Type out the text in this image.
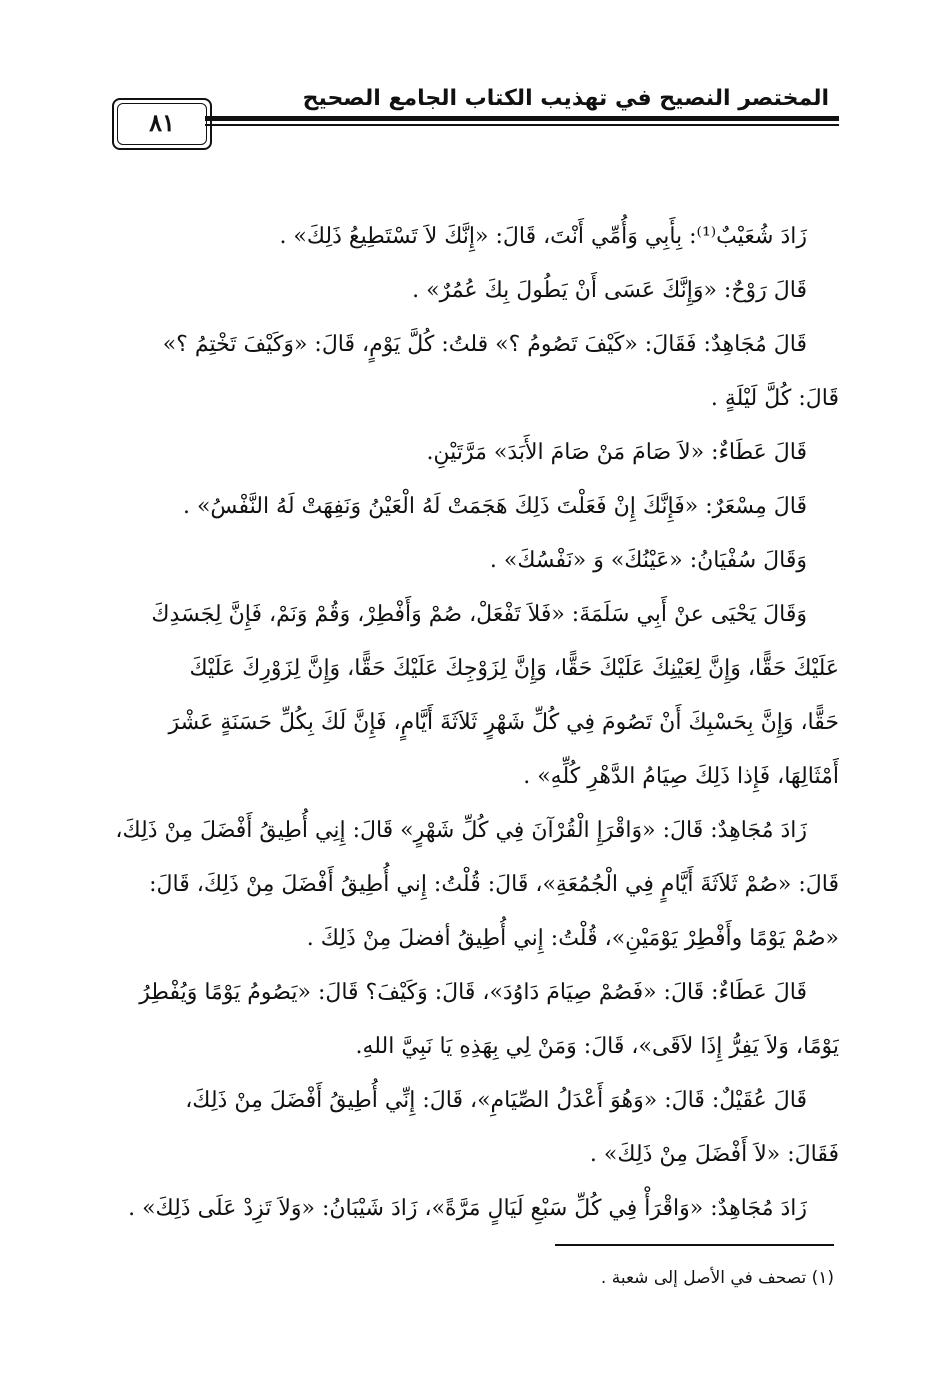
المختصر النصيح في تهذيب الكتاب الجامع الصحيح
٨١
زَادَ شُعَيْبٌ⁽¹⁾: بِأَبِي وَأُمِّي أَنْتَ، قَالَ: «إِنَّكَ لاَ تَسْتَطِيعُ ذَلِكَ» .
قَالَ رَوْحٌ: «وَإِنَّكَ عَسَى أَنْ يَطُولَ بِكَ عُمُرٌ» .
قَالَ مُجَاهِدٌ: فَقَالَ: «كَيْفَ تَصُومُ ؟» قلتُ: كُلَّ يَوْمٍ، قَالَ: «وَكَيْفَ تَخْتِمُ ؟»
قَالَ: كُلَّ لَيْلَةٍ .
قَالَ عَطَاءٌ: «لاَ صَامَ مَنْ صَامَ الأَبَدَ» مَرَّتَيْنِ.
قَالَ مِسْعَرٌ: «فَإِنَّكَ إِنْ فَعَلْتَ ذَلِكَ هَجَمَتْ لَهُ الْعَيْنُ وَنَفِهَتْ لَهُ النَّفْسُ» .
وَقَالَ سُفْيَانُ: «عَيْنُكَ» وَ «نَفْسُكَ» .
وَقَالَ يَحْيَى عنْ أَبِي سَلَمَةَ: «فَلاَ تَفْعَلْ، صُمْ وَأَفْطِرْ، وَقُمْ وَنَمْ، فَإِنَّ لِجَسَدِكَ
عَلَيْكَ حَقًّا، وَإِنَّ لِعَيْنِكَ عَلَيْكَ حَقًّا، وَإِنَّ لِزَوْجِكَ عَلَيْكَ حَقًّا، وَإِنَّ لِزَوْرِكَ عَلَيْكَ
حَقًّا، وَإِنَّ بِحَسْبِكَ أَنْ تَصُومَ فِي كُلِّ شَهْرٍ ثَلاَثَةَ أَيَّامٍ، فَإِنَّ لَكَ بِكُلِّ حَسَنَةٍ عَشْرَ
أَمْثَالِهَا، فَإِذا ذَلِكَ صِيَامُ الدَّهْرِ كُلِّهِ» .
زَادَ مُجَاهِدٌ: قَالَ: «وَاقْرَإِ الْقُرْآنَ فِي كُلِّ شَهْرٍ» قَالَ: إِنِي أُطِيقُ أَفْضَلَ مِنْ ذَلِكَ،
قَالَ: «صُمْ ثَلاَثَةَ أَيَّامٍ فِي الْجُمُعَةِ»، قَالَ: قُلْتُ: إِني أُطِيقُ أَفْضَلَ مِنْ ذَلِكَ، قَالَ:
«صُمْ يَوْمًا وأَفْطِرْ يَوْمَيْنِ»، قُلْتُ: إِني أُطِيقُ أفضلَ مِنْ ذَلِكَ .
قَالَ عَطَاءٌ: قَالَ: «فَصُمْ صِيَامَ دَاوُدَ»، قَالَ: وَكَيْفَ؟ قَالَ: «يَصُومُ يَوْمًا وَيُفْطِرُ
يَوْمًا، وَلاَ يَفِرُّ إِذَا لاَقَى»، قَالَ: وَمَنْ لِي بِهَذِهِ يَا نَبِيَّ اللهِ.
قَالَ عُقَيْلٌ: قَالَ: «وَهُوَ أَعْدَلُ الصِّيَامِ»، قَالَ: إِنِّي أُطِيقُ أَفْضَلَ مِنْ ذَلِكَ،
فَقَالَ: «لاَ أَفْضَلَ مِنْ ذَلِكَ» .
زَادَ مُجَاهِدٌ: «وَاقْرَأْ فِي كُلِّ سَبْعِ لَيَالٍ مَرَّةً»، زَادَ شَيْبَانُ: «وَلاَ تَزِدْ عَلَى ذَلِكَ» .
(١) تصحف في الأصل إلى شعبة .
